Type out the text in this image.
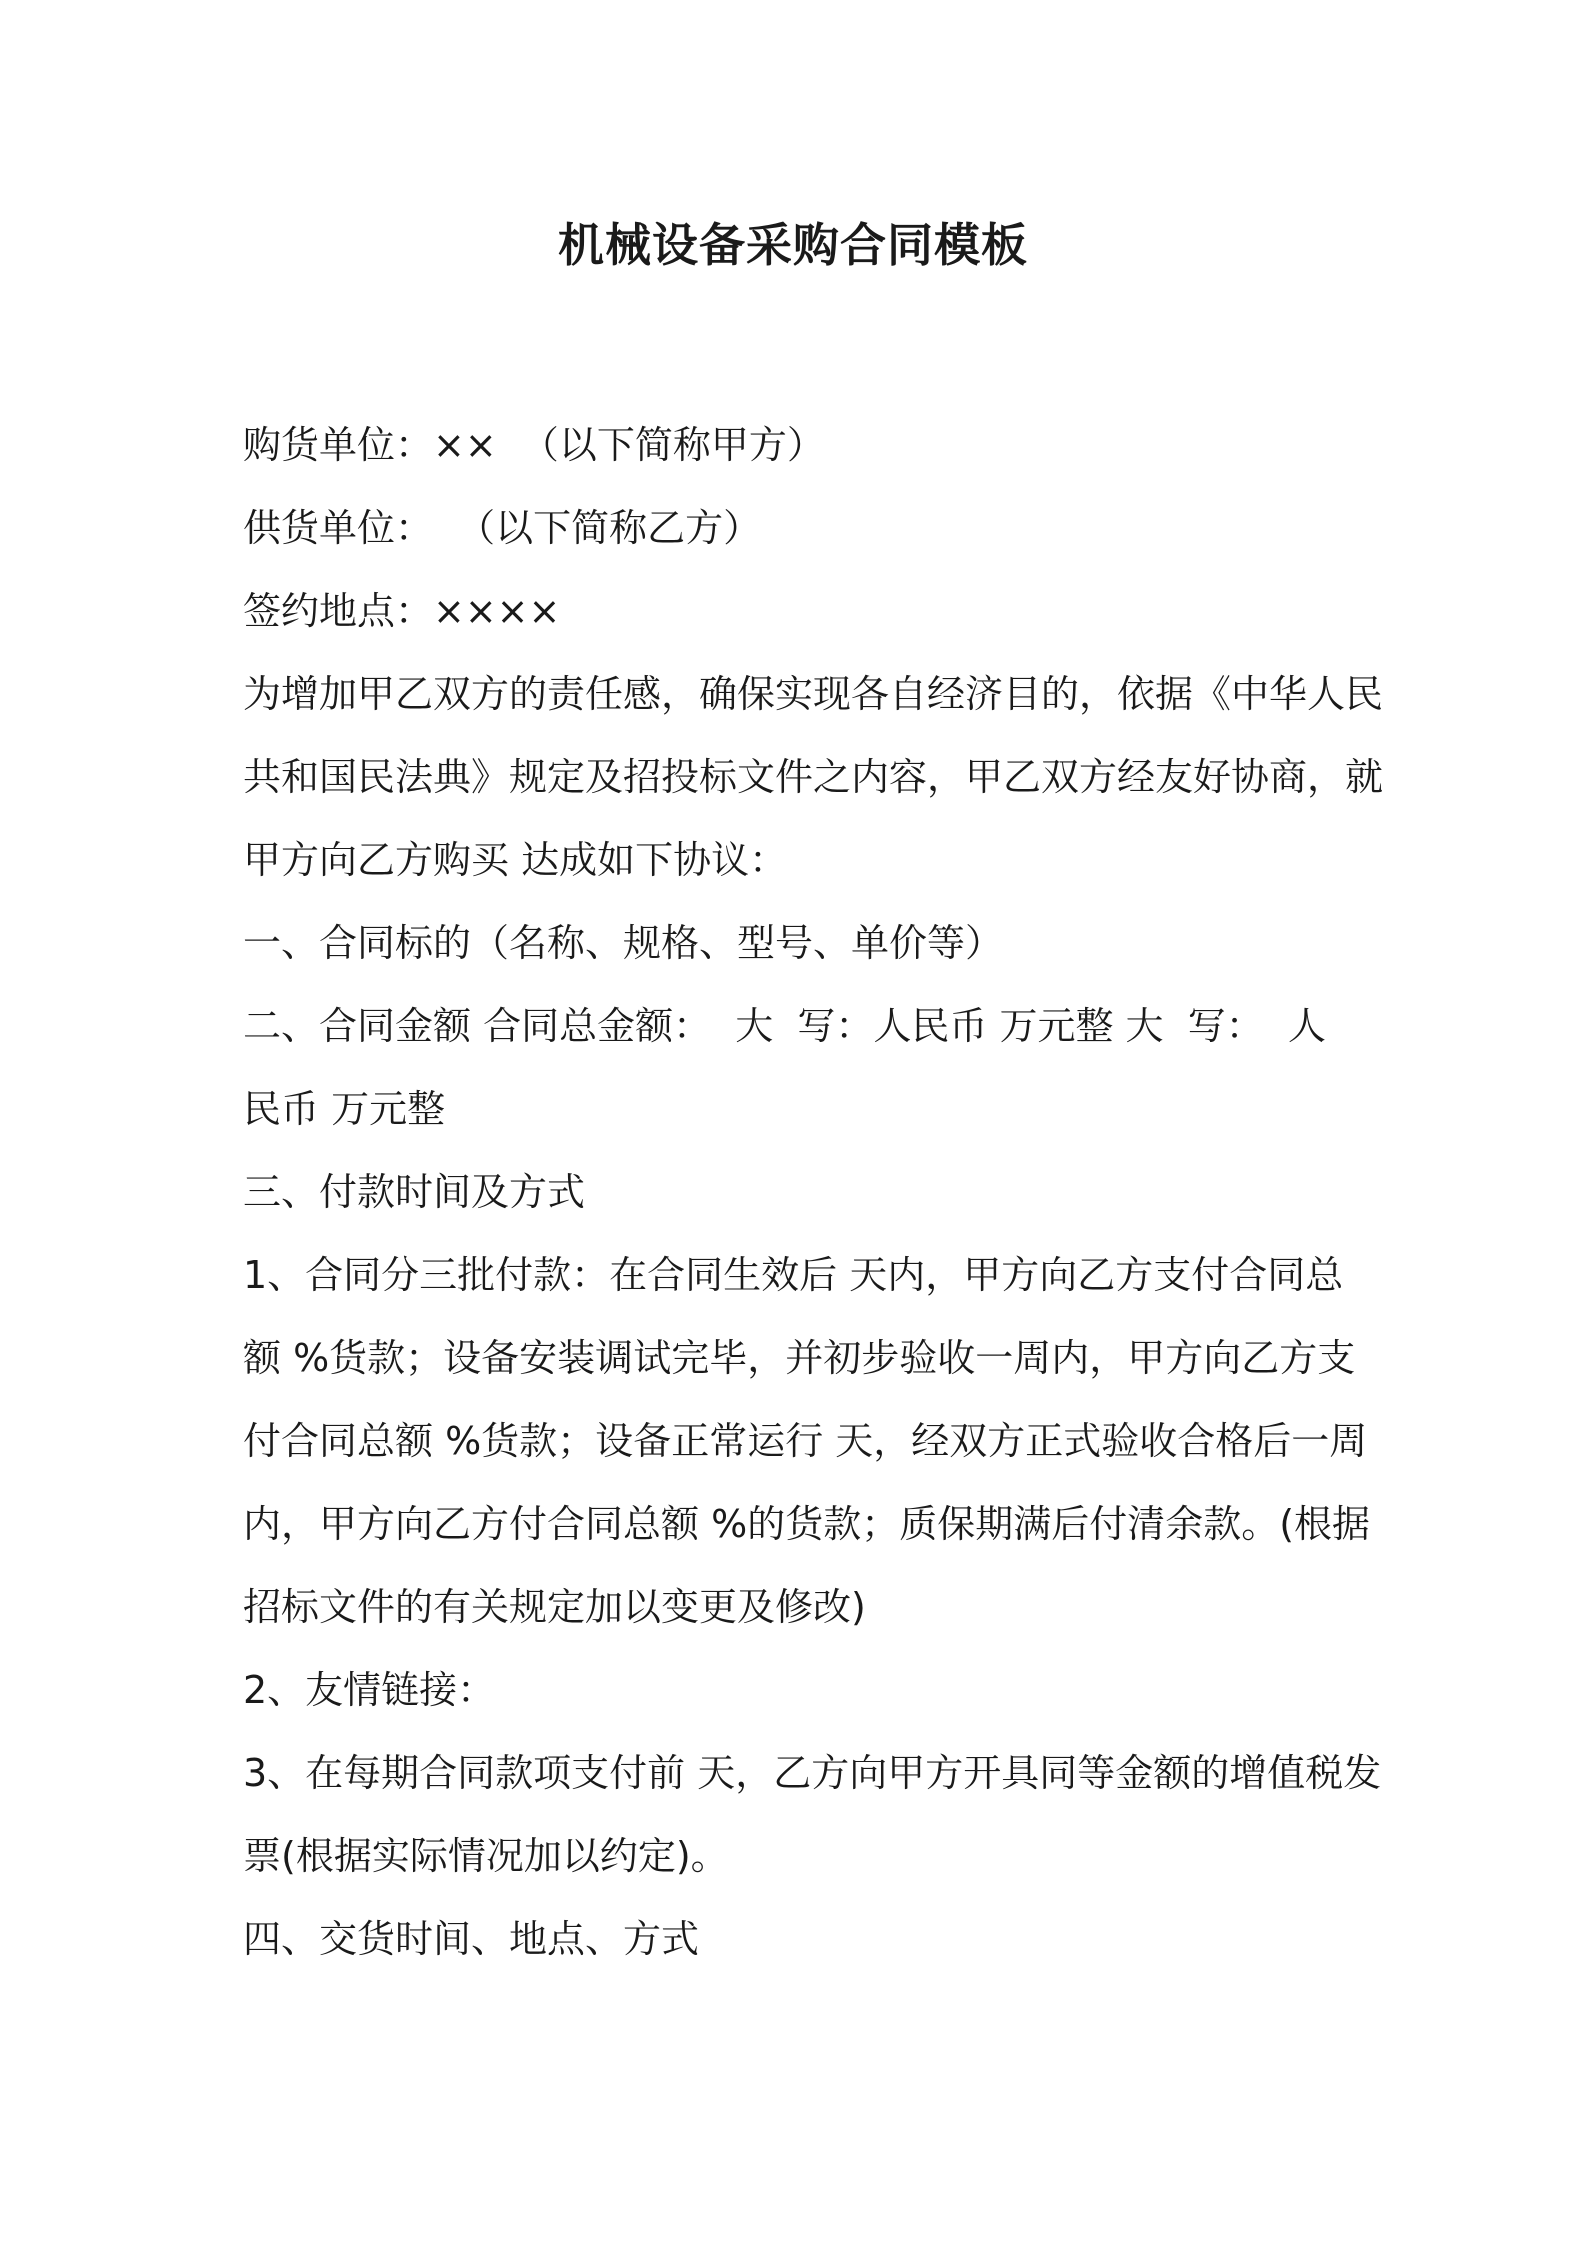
机械设备采购合同模板
购货单位：××  （以下简称甲方）
供货单位：  （以下简称乙方）
签约地点：××××
为增加甲乙双方的责任感，确保实现各自经济目的，依据《中华人民
共和国民法典》规定及招投标文件之内容，甲乙双方经友好协商，就
甲方向乙方购买 达成如下协议：
一、合同标的（名称、规格、型号、单价等）
二、合同金额 合同总金额：  大  写：人民币 万元整 大  写：  人
民币 万元整
三、付款时间及方式
1、合同分三批付款：在合同生效后 天内，甲方向乙方支付合同总
额 %货款；设备安装调试完毕，并初步验收一周内，甲方向乙方支
付合同总额 %货款；设备正常运行 天，经双方正式验收合格后一周
内，甲方向乙方付合同总额 %的货款；质保期满后付清余款。(根据
招标文件的有关规定加以变更及修改)
2、友情链接：
3、在每期合同款项支付前 天，乙方向甲方开具同等金额的增值税发
票(根据实际情况加以约定)。
四、交货时间、地点、方式
